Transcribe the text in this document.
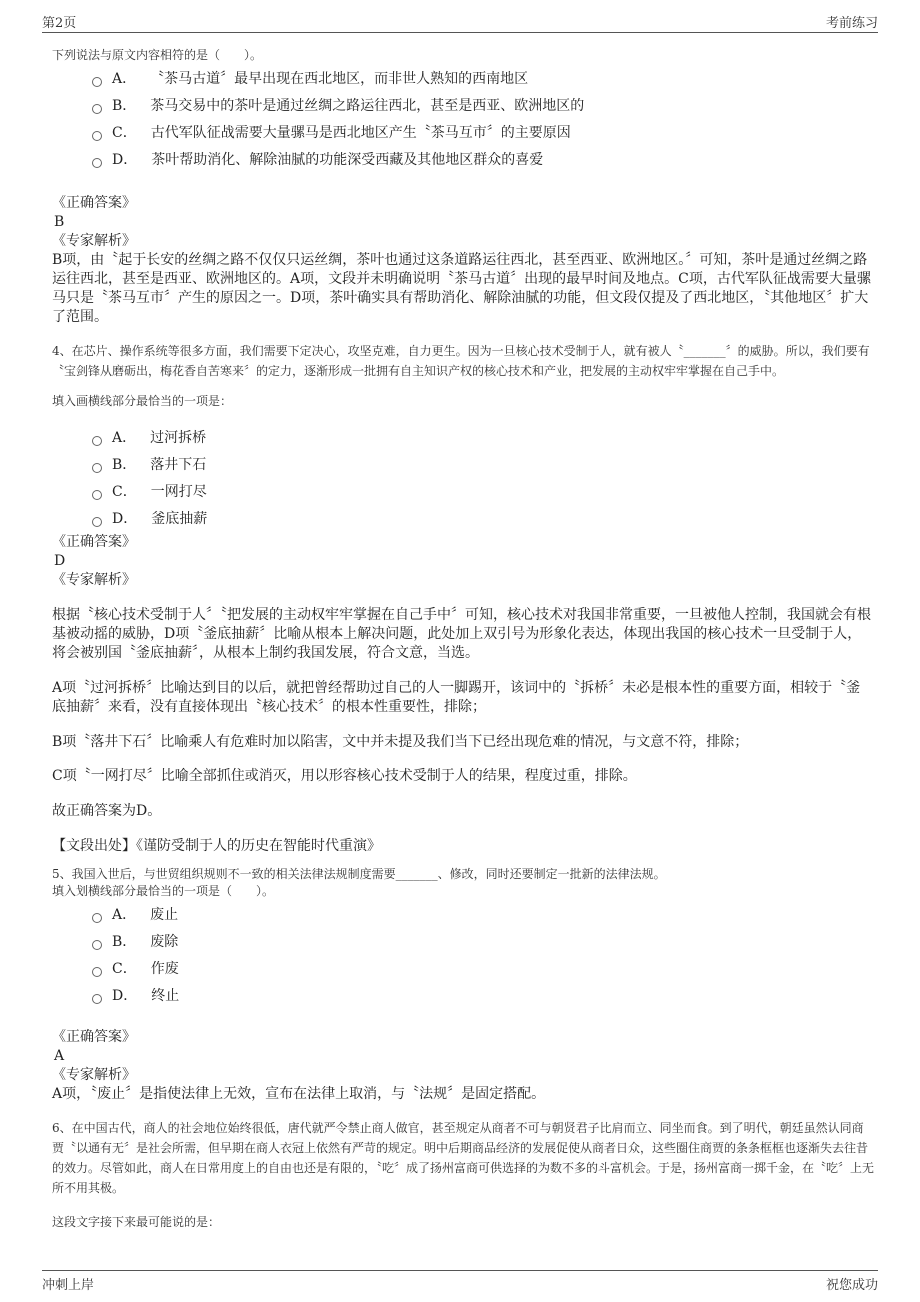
第2页	考前练习

下列说法与原文内容相符的是（　　）。

A． 〝茶马古道〞最早出现在西北地区，而非世人熟知的西南地区
B． 茶马交易中的茶叶是通过丝绸之路运往西北，甚至是西亚、欧洲地区的
C． 古代军队征战需要大量骡马是西北地区产生〝茶马互市〞的主要原因
D． 茶叶帮助消化、解除油腻的功能深受西藏及其他地区群众的喜爱

《正确答案》

B

《专家解析》

B项，由〝起于长安的丝绸之路不仅仅只运丝绸，茶叶也通过这条道路运往西北，甚至西亚、欧洲地区。〞可知，茶叶是通过丝绸之路运往西北，甚至是西亚、欧洲地区的。A项，文段并未明确说明〝茶马古道〞出现的最早时间及地点。C项，古代军队征战需要大量骡马只是〝茶马互市〞产生的原因之一。D项，茶叶确实具有帮助消化、解除油腻的功能，但文段仅提及了西北地区，〝其他地区〞扩大了范围。

4、在芯片、操作系统等很多方面，我们需要下定决心，攻坚克难，自力更生。因为一旦核心技术受制于人，就有被人〝_______〞的威胁。所以，我们要有〝宝剑锋从磨砺出，梅花香自苦寒来〞的定力，逐渐形成一批拥有自主知识产权的核心技术和产业，把发展的主动权牢牢掌握在自己手中。

填入画横线部分最恰当的一项是：

A． 过河拆桥
B． 落井下石
C． 一网打尽
D． 釜底抽薪

《正确答案》

D

《专家解析》

根据〝核心技术受制于人〞〝把发展的主动权牢牢掌握在自己手中〞可知，核心技术对我国非常重要，一旦被他人控制，我国就会有根基被动摇的威胁，D项〝釜底抽薪〞比喻从根本上解决问题，此处加上双引号为形象化表达，体现出我国的核心技术一旦受制于人，将会被别国〝釜底抽薪〞，从根本上制约我国发展，符合文意，当选。

A项〝过河拆桥〞比喻达到目的以后，就把曾经帮助过自己的人一脚踢开，该词中的〝拆桥〞未必是根本性的重要方面，相较于〝釜底抽薪〞来看，没有直接体现出〝核心技术〞的根本性重要性，排除；

B项〝落井下石〞比喻乘人有危难时加以陷害，文中并未提及我们当下已经出现危难的情况，与文意不符，排除；

C项〝一网打尽〞比喻全部抓住或消灭，用以形容核心技术受制于人的结果，程度过重，排除。

故正确答案为D。

【文段出处】《谨防受制于人的历史在智能时代重演》

5、我国入世后，与世贸组织规则不一致的相关法律法规制度需要_______、修改，同时还要制定一批新的法律法规。

填入划横线部分最恰当的一项是（　　）。

A． 废止
B． 废除
C． 作废
D． 终止

《正确答案》

A

《专家解析》

A项，〝废止〞是指使法律上无效，宣布在法律上取消，与〝法规〞是固定搭配。

6、在中国古代，商人的社会地位始终很低，唐代就严令禁止商人做官，甚至规定从商者不可与朝贤君子比肩而立、同坐而食。到了明代，朝廷虽然认同商贾〝以通有无〞是社会所需，但早期在商人衣冠上依然有严苛的规定。明中后期商品经济的发展促使从商者日众，这些圈住商贾的条条框框也逐渐失去往昔的效力。尽管如此，商人在日常用度上的自由也还是有限的，〝吃〞成了扬州富商可供选择的为数不多的斗富机会。于是，扬州富商一掷千金，在〝吃〞上无所不用其极。

这段文字接下来最可能说的是：

冲刺上岸	祝您成功
